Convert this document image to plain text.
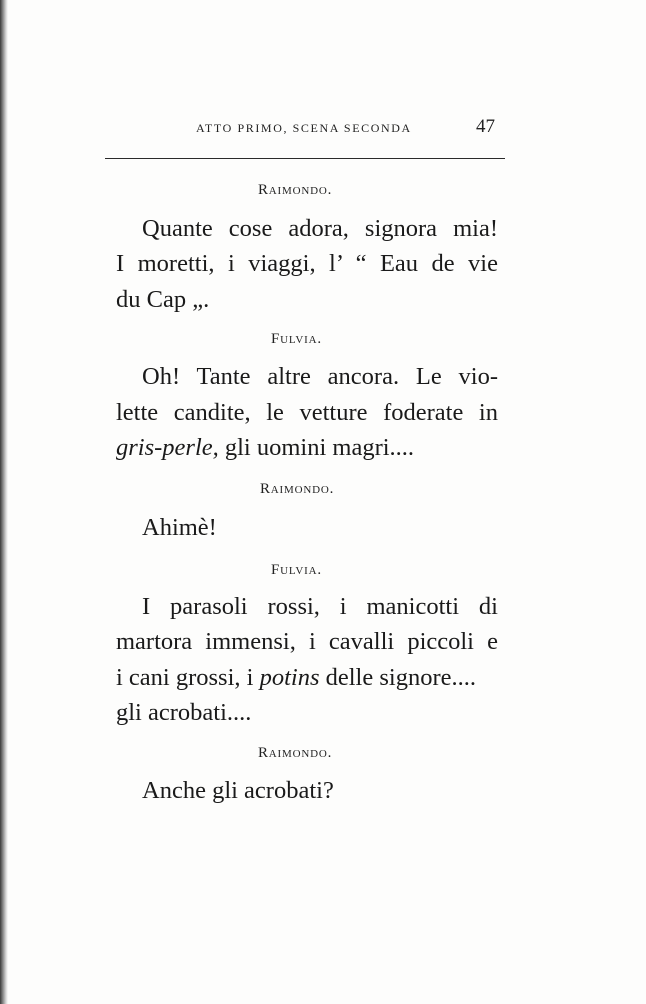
ATTO PRIMO, SCENA SECONDA	47
Raimondo.
Quante cose adora, signora mia!
I moretti, i viaggi, l’ “ Eau de vie
du Cap „.
Fulvia.
Oh! Tante altre ancora. Le vio-
lette candite, le vetture foderate in
gris-perle, gli uomini magri....
Raimondo.
Ahimè!
Fulvia.
I parasoli rossi, i manicotti di
martora immensi, i cavalli piccoli e
i cani grossi, i potins delle signore....
gli acrobati....
Raimondo.
Anche gli acrobati?
